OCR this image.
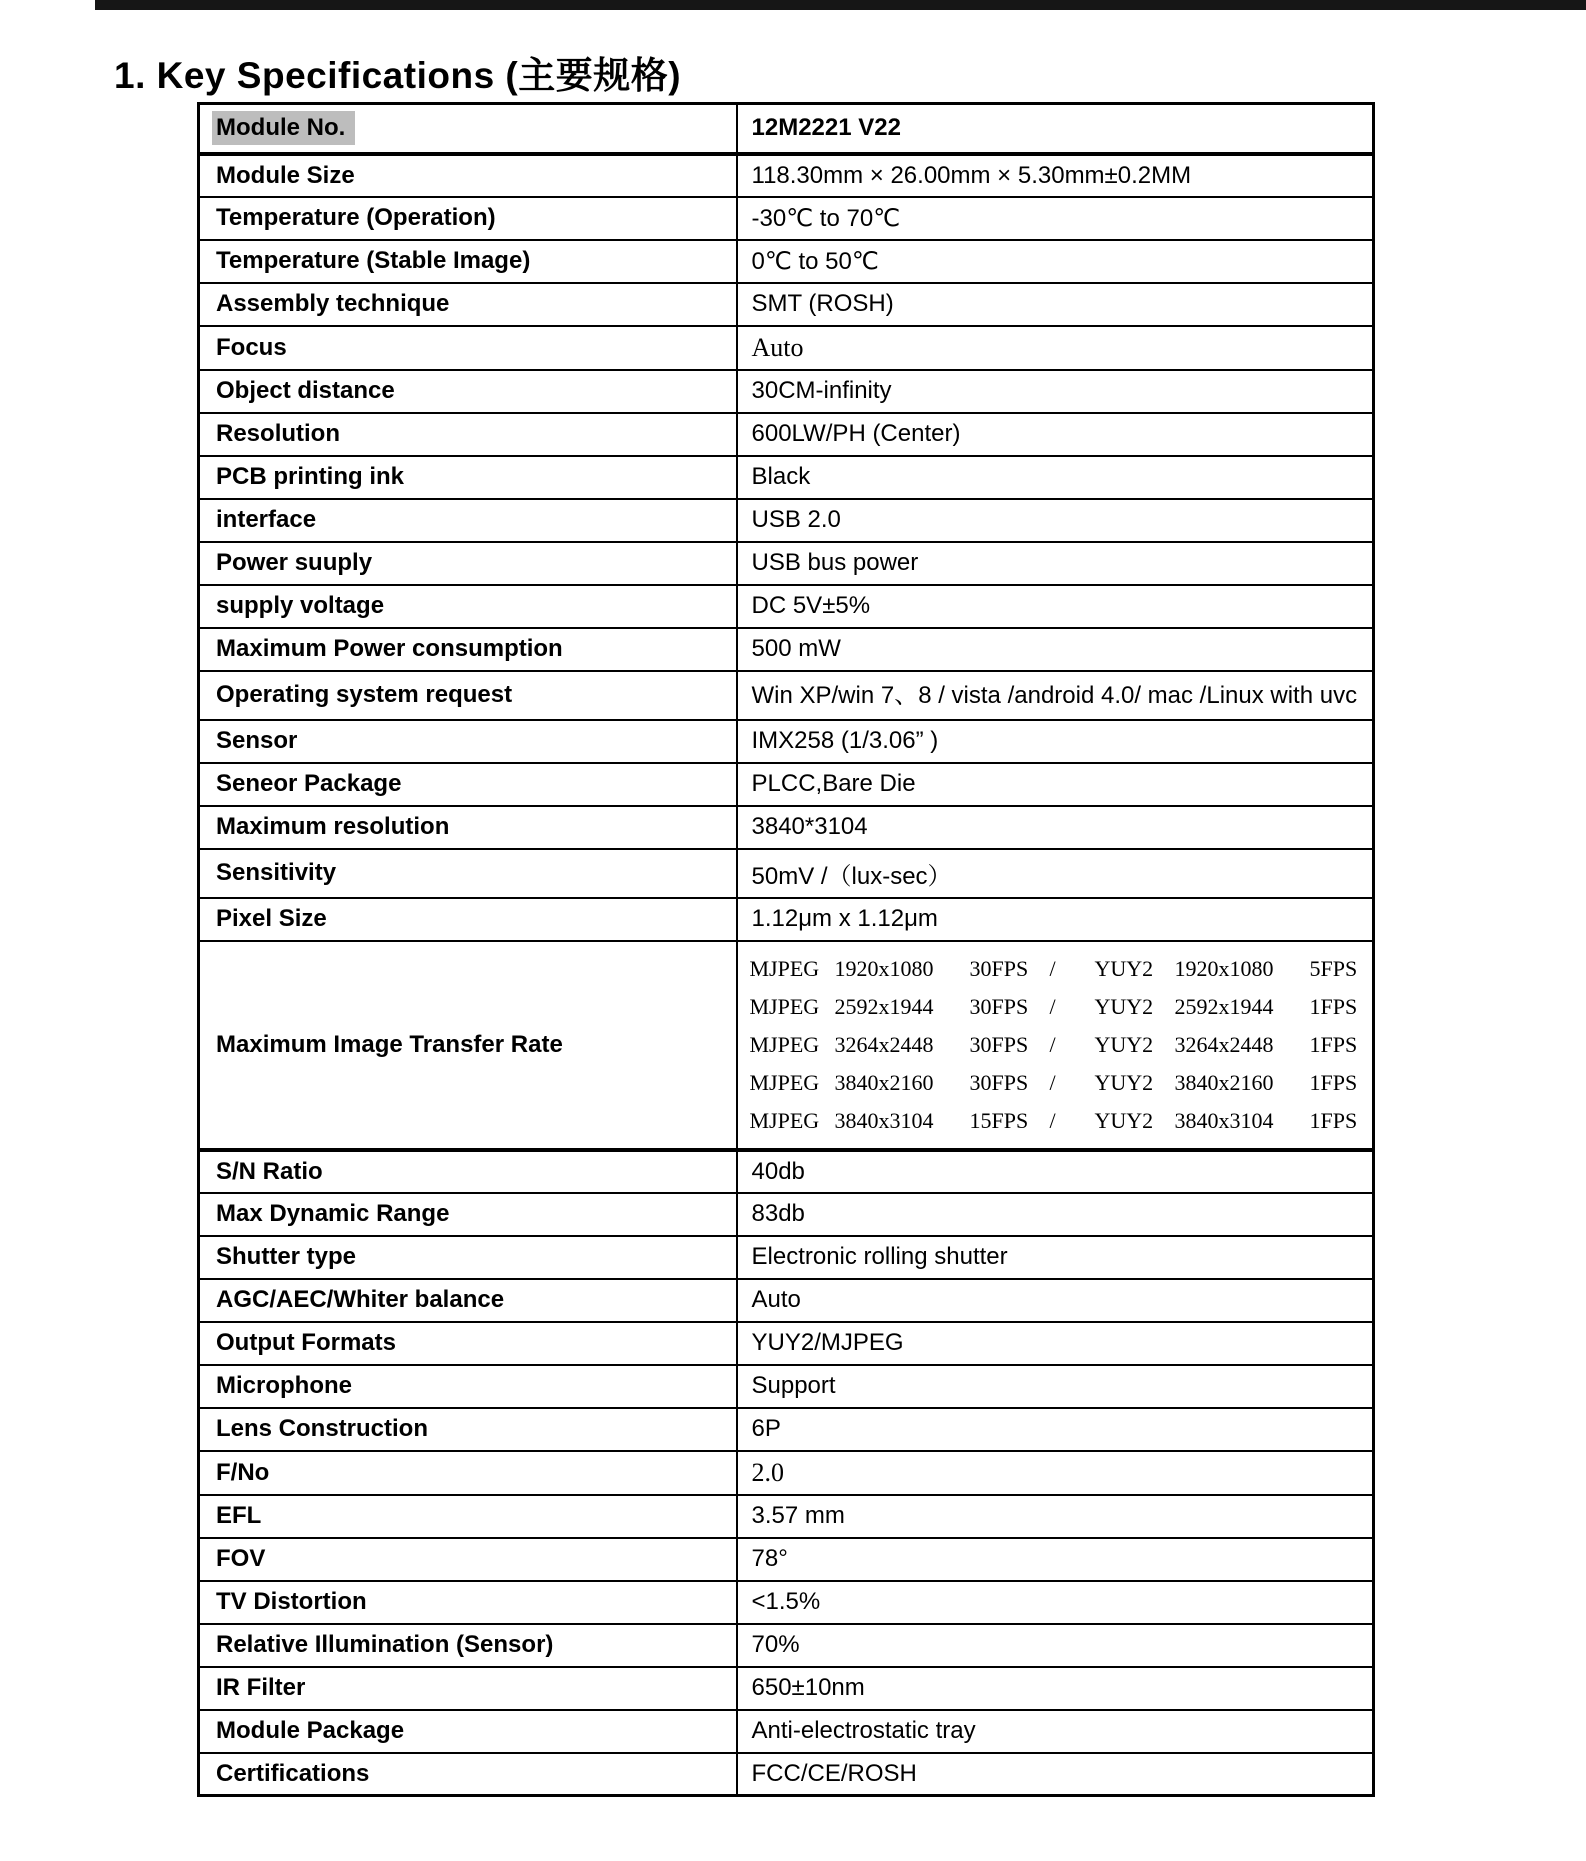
1. Key Specifications (主要规格)
Module No.	12M2221 V22
Module Size	118.30mm × 26.00mm × 5.30mm±0.2MM
Temperature (Operation)	-30℃ to 70℃
Temperature (Stable Image)	0℃ to 50℃
Assembly technique	SMT (ROSH)
Focus	Auto
Object distance	30CM-infinity
Resolution	600LW/PH (Center)
PCB printing ink	Black
interface	USB 2.0
Power suuply	USB bus power
supply voltage	DC 5V±5%
Maximum Power consumption	500 mW
Operating system request	Win XP/win 7、8 / vista /android 4.0/ mac /Linux with uvc

Sensor	IMX258 (1/3.06” )
Seneor Package	PLCC,Bare Die
Maximum resolution	3840*3104
Sensitivity	50mV /（lux-sec）
Pixel Size	1.12μm x 1.12μm
Maximum Image Transfer Rate	
MJPEG 1920x1080	30FPS /	YUY2 1920x1080	5FPS
MJPEG 2592x1944	30FPS /	YUY2 2592x1944	1FPS
MJPEG 3264x2448	30FPS /	YUY2 3264x2448	1FPS
MJPEG 3840x2160	30FPS /	YUY2 3840x2160	1FPS
MJPEG 3840x3104	15FPS /	YUY2 3840x3104	1FPS

S/N Ratio	40db
Max Dynamic Range	83db
Shutter type	Electronic rolling shutter
AGC/AEC/Whiter balance	Auto
Output Formats	YUY2/MJPEG
Microphone	Support
Lens Construction	6P
F/No	2.0
EFL	3.57 mm
FOV	78°
TV Distortion	<1.5%
Relative Illumination (Sensor)	70%
IR Filter	650±10nm
Module Package	Anti-electrostatic tray
Certifications	FCC/CE/ROSH
